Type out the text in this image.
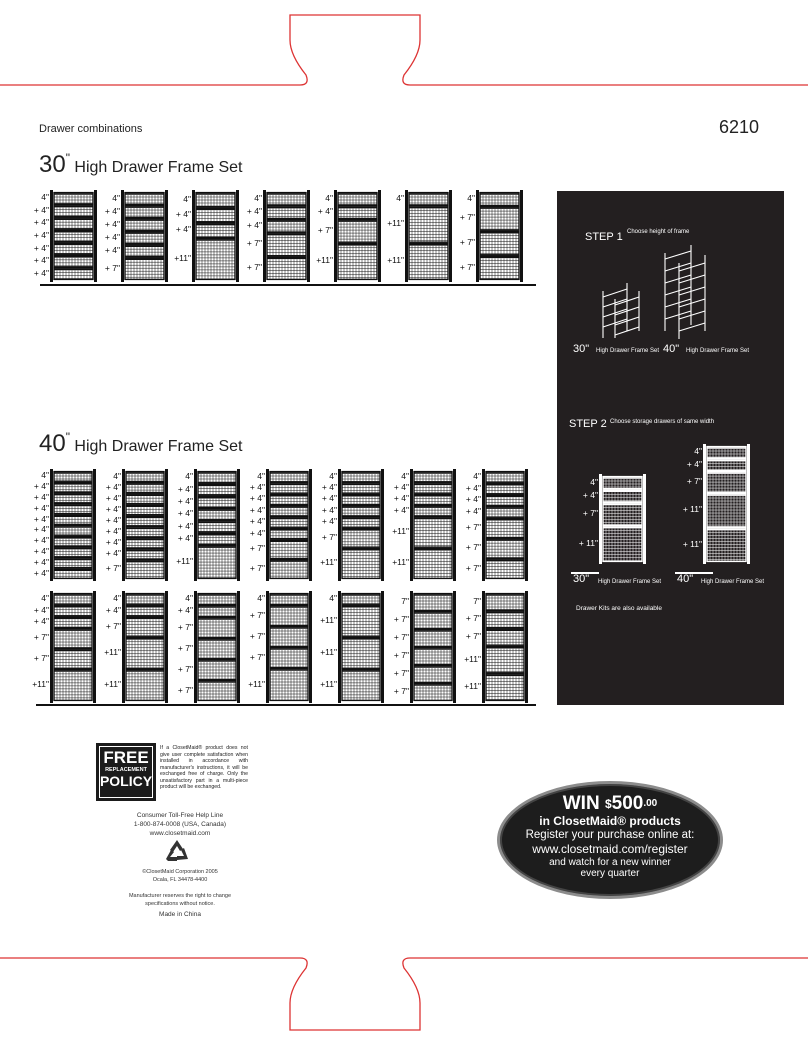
Drawer combinations	6210
30" High Drawer Frame Set
40" High Drawer Frame Set
4"
+ 4"
+ 4"
+ 4"
+ 4"
+ 4"
+ 4"
4"
+ 4"
+ 4"
+ 4"
+ 4"
+ 7"
4"
+ 4"
+ 4"
+11"
4"
+ 4"
+ 4"
+ 7"
+ 7"
4"
+ 4"
+ 7"
+11"
4"
+11"
+11"
4"
+ 7"
+ 7"
+ 7"
4"
+ 4"
+ 4"
+ 4"
+ 4"
+ 4"
+ 4"
+ 4"
+ 4"
+ 4"
4"
+ 4"
+ 4"
+ 4"
+ 4"
+ 4"
+ 4"
+ 4"
+ 7"
4"
+ 4"
+ 4"
+ 4"
+ 4"
+ 4"
+11"
4"
+ 4"
+ 4"
+ 4"
+ 4"
+ 4"
+ 7"
+ 7"
4"
+ 4"
+ 4"
+ 4"
+ 4"
+ 7"
+11"
4"
+ 4"
+ 4"
+ 4"
+11"
+11"
4"
+ 4"
+ 4"
+ 4"
+ 7"
+ 7"
+ 7"
4"
+ 4"
+ 4"
+ 7"
+ 7"
+11"
4"
+ 4"
+ 7"
+11"
+11"
4"
+ 4"
+ 7"
+ 7"
+ 7"
+ 7"
4"
+ 7"
+ 7"
+ 7"
+11"
4"
+11"
+11"
+11"
7"
+ 7"
+ 7"
+ 7"
+ 7"
+ 7"
7"
+ 7"
+ 7"
+11"
+11"
STEP 1 Choose height of frame
30" High Drawer Frame Set 40" High Drawer Frame Set
STEP 2 Choose storage drawers of same width
4"
+ 4"
+ 7"
+ 11"
4"
+ 4"
+ 7"
+ 11"
+ 11"
30" High Drawer Frame Set 40" High Drawer Frame Set
Drawer Kits are also available
FREE
REPLACEMENT
POLICY
If a ClosetMaid® product does not give user complete satisfaction when installed in accordance with manufacturer's instructions, it will be exchanged free of charge. Only the unsatisfactory part in a multi-piece product will be exchanged.
Consumer Toll-Free Help Line
1-800-874-0008 (USA, Canada)
www.closetmaid.com
©ClosetMaid Corporation 2005
Ocala, FL 34478-4400
Manufacturer reserves the right to change
specifications without notice.
Made in China
WIN $^{\$}500^{.00}$
in ClosetMaid® products
Register your purchase online at:
www.closetmaid.com/register
and watch for a new winner
every quarter
